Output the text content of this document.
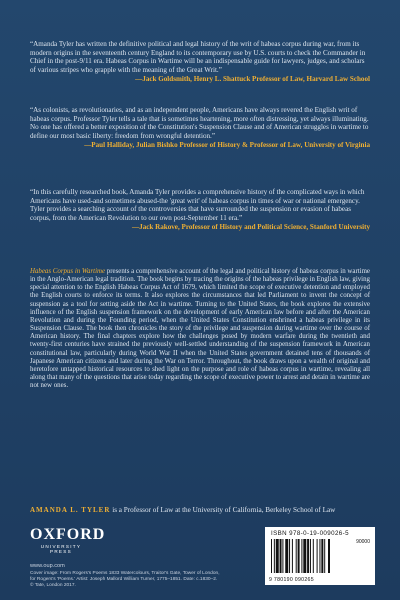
“Amanda Tyler has written the definitive political and legal history of the writ of habeas corpus during war, from its modern origins in the seventeenth century England to its contemporary use by U.S. courts to check the Commander in Chief in the post-9/11 era. Habeas Corpus in Wartime will be an indispensable guide for lawyers, judges, and scholars of various stripes who grapple with the meaning of the Great Writ.”
—Jack Goldsmith, Henry L. Shattuck Professor of Law, Harvard Law School
“As colonists, as revolutionaries, and as an independent people, Americans have always revered the English writ of habeas corpus. Professor Tyler tells a tale that is sometimes heartening, more often distressing, yet always illuminating. No one has offered a better exposition of the Constitution's Suspension Clause and of American struggles in wartime to define our most basic liberty: freedom from wrongful detention.”
—Paul Halliday, Julian Bishko Professor of History & Professor of Law, University of Virginia
“In this carefully researched book, Amanda Tyler provides a comprehensive history of the complicated ways in which Americans have used-and sometimes abused-the 'great writ' of habeas corpus in times of war or national emergency. Tyler provides a searching account of the controversies that have surrounded the suspension or evasion of habeas corpus, from the American Revolution to our own post-September 11 era.”
—Jack Rakove, Professor of History and Political Science, Stanford University
Habeas Corpus in Wartime presents a comprehensive account of the legal and political history of habeas corpus in wartime in the Anglo-American legal tradition. The book begins by tracing the origins of the habeas privilege in English law, giving special attention to the English Habeas Corpus Act of 1679, which limited the scope of executive detention and employed the English courts to enforce its terms. It also explores the circumstances that led Parliament to invent the concept of suspension as a tool for setting aside the Act in wartime. Turning to the United States, the book explores the extensive influence of the English suspension framework on the development of early American law before and after the American Revolution and during the Founding period, when the United States Constitution enshrined a habeas privilege in its Suspension Clause. The book then chronicles the story of the privilege and suspension during wartime over the course of American history. The final chapters explore how the challenges posed by modern warfare during the twentieth and twenty-first centuries have strained the previously well-settled understanding of the suspension framework in American constitutional law, particularly during World War II when the United States government detained tens of thousands of Japanese American citizens and later during the War on Terror. Throughout, the book draws upon a wealth of original and heretofore untapped historical resources to shed light on the purpose and role of habeas corpus in wartime, revealing all along that many of the questions that arise today regarding the scope of executive power to arrest and detain in wartime are not new ones.
AMANDA L. TYLER is a Professor of Law at the University of California, Berkeley School of Law
OXFORD
UNIVERSITY PRESS
www.oup.com
Cover image: From Rogers's Poems 1833 Watercolours, Traitor's Gate, Tower of London, for Rogers's 'Poems.' Artist: Joseph Mallord William Turner, 1775–1851. Date: c.1830–2. © Tate, London 2017.
ISBN 978-0-19-009026-5
90000
9 780190 090265
